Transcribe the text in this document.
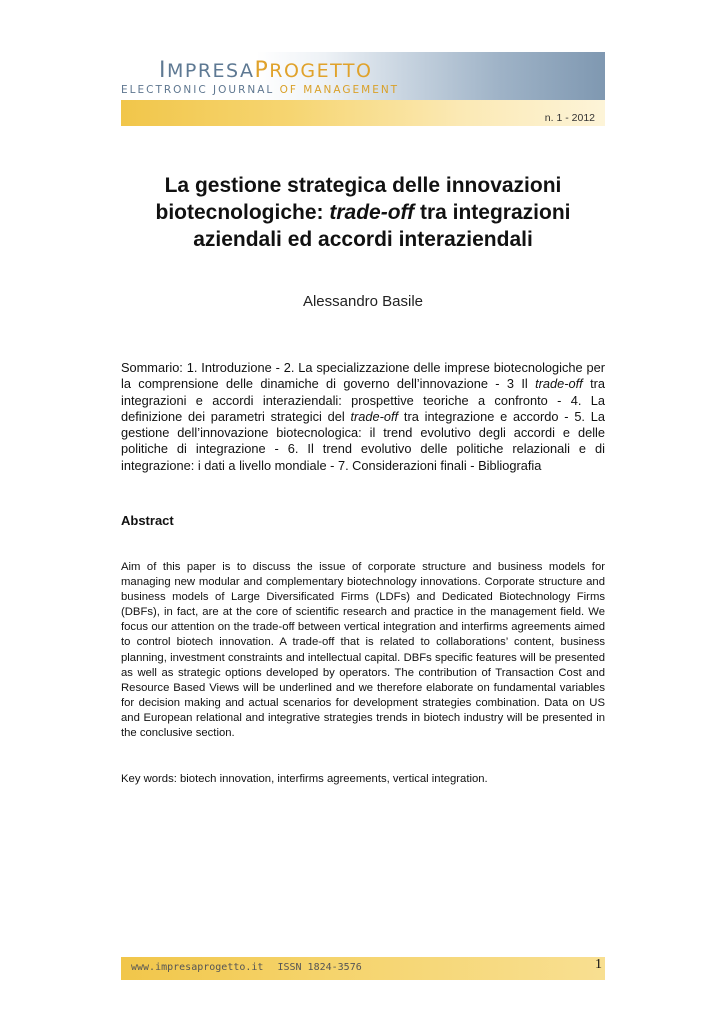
IMPRESAPROGETTO
ELECTRONIC JOURNAL OF MANAGEMENT
n. 1 - 2012
La gestione strategica delle innovazioni
biotecnologiche: trade-off tra integrazioni
aziendali ed accordi interaziendali
Alessandro Basile
Sommario: 1. Introduzione - 2. La specializzazione delle imprese biotecnologiche per la comprensione delle dinamiche di governo dell’innovazione - 3 Il trade-off tra integrazioni e accordi interaziendali: prospettive teoriche a confronto - 4. La definizione dei parametri strategici del trade-off tra integrazione e accordo - 5. La gestione dell’innovazione biotecnologica: il trend evolutivo degli accordi e delle politiche di integrazione - 6. Il trend evolutivo delle politiche relazionali e di integrazione: i dati a livello mondiale - 7. Considerazioni finali - Bibliografia
Abstract
Aim of this paper is to discuss the issue of corporate structure and business models for managing new modular and complementary biotechnology innovations. Corporate structure and business models of Large Diversificated Firms (LDFs) and Dedicated Biotechnology Firms (DBFs), in fact, are at the core of scientific research and practice in the management field. We focus our attention on the trade-off between vertical integration and interfirms agreements aimed to control biotech innovation. A trade-off that is related to collaborations’ content, business planning, investment constraints and intellectual capital. DBFs specific features will be presented as well as strategic options developed by operators. The contribution of Transaction Cost and Resource Based Views will be underlined and we therefore elaborate on fundamental variables for decision making and actual scenarios for development strategies combination. Data on US and European relational and integrative strategies trends in biotech industry will be presented in the conclusive section.
Key words: biotech innovation, interfirms agreements, vertical integration.
www.impresaprogetto.it ISSN 1824-3576	1
